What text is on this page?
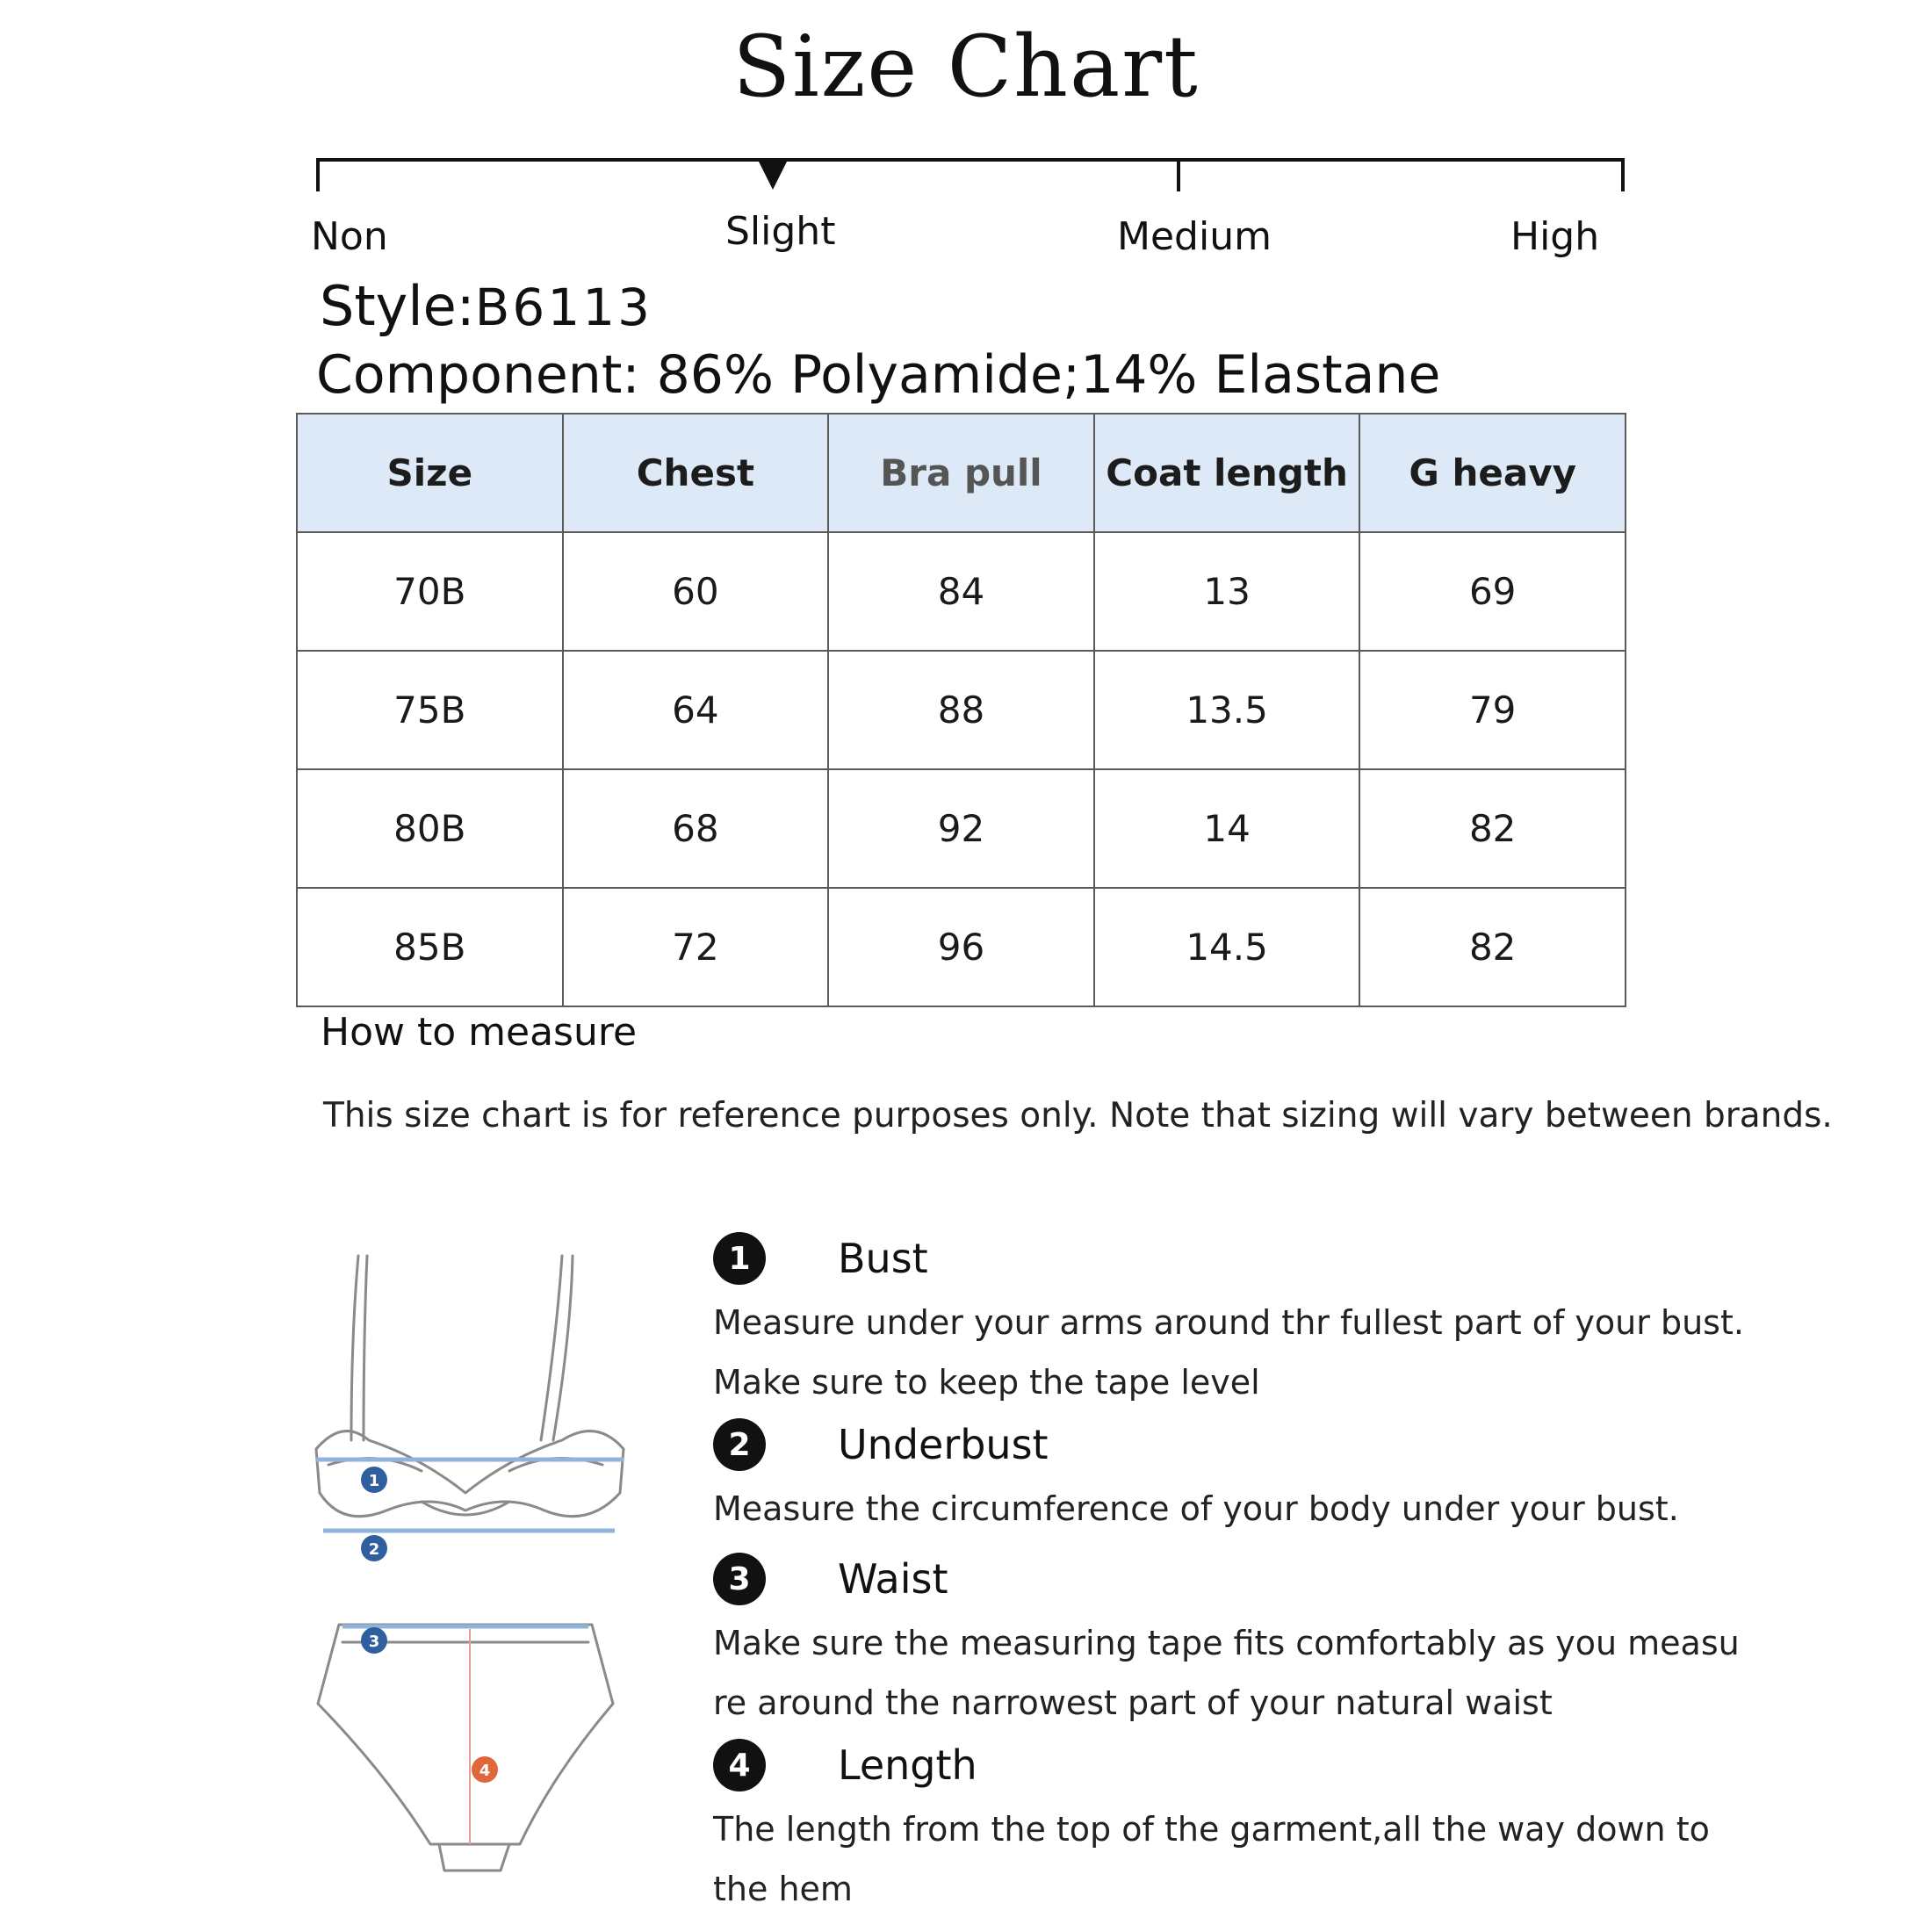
Size Chart
Non	Slight	Medium	High
Style:B6113
Component: 86% Polyamide;14% Elastane
Size	Chest	Bra pull	Coat length	G heavy
70B	60	84	13	69
75B	64	88	13.5	79
80B	68	92	14	82
85B	72	96	14.5	82
How to measure
This size chart is for reference purposes only. Note that sizing will vary between brands.
1
2
3
4
1	Bust
Measure under your arms around thr fullest part of your bust.
Make sure to keep the tape level
2	Underbust
Measure the circumference of your body under your bust.
3	Waist
Make sure the measuring tape fits comfortably as you measu
re around the narrowest part of your natural waist
4	Length
The length from the top of the garment,all the way down to
the hem
